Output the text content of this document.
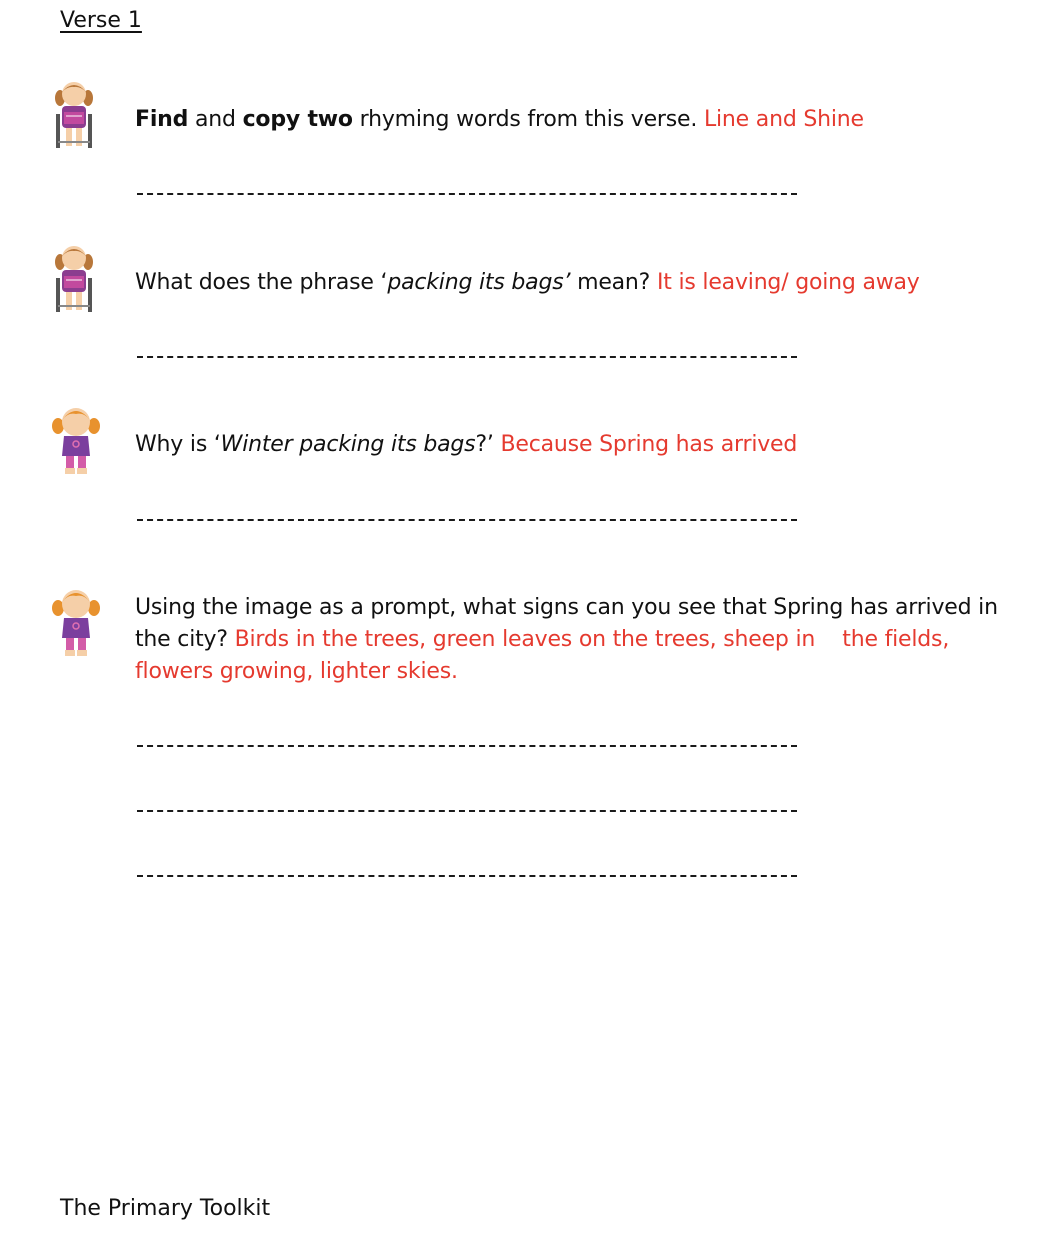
Verse 1
Find and copy two rhyming words from this verse. Line and Shine
What does the phrase ‘packing its bags’ mean? It is leaving/ going away
Why is ‘Winter packing its bags?’ Because Spring has arrived
Using the image as a prompt, what signs can you see that Spring has arrived in the city? Birds in the trees, green leaves on the trees, sheep in    the fields, flowers growing, lighter skies.
The Primary Toolkit
